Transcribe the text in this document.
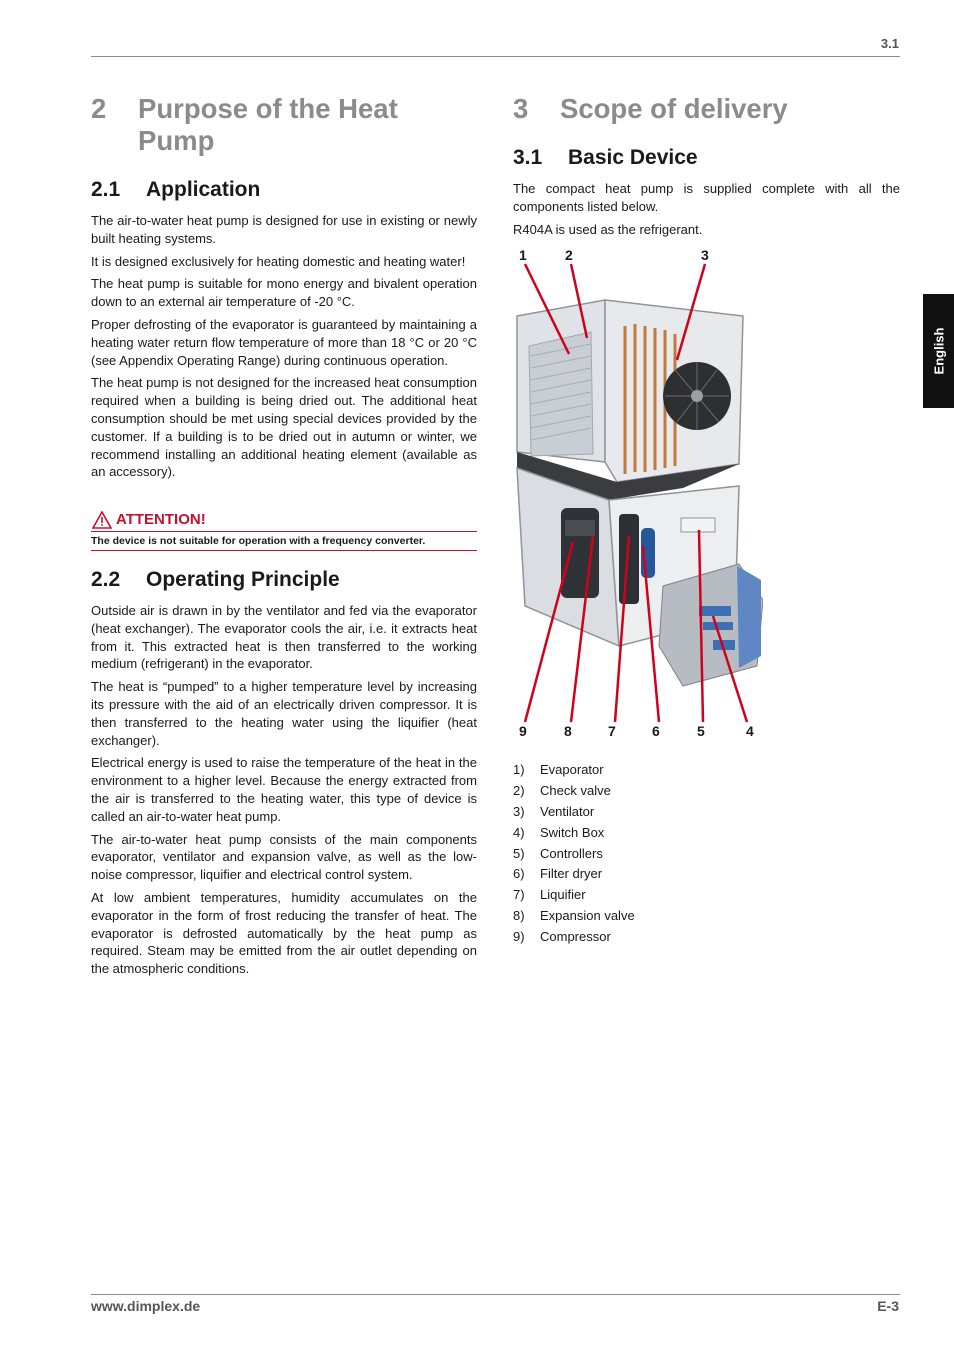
3.1
English
2 Purpose of the Heat Pump
2.1 Application

The air-to-water heat pump is designed for use in existing or newly built heating systems.

It is designed exclusively for heating domestic and heating water!

The heat pump is suitable for mono energy and bivalent operation down to an external air temperature of -20 °C.

Proper defrosting of the evaporator is guaranteed by maintaining a heating water return flow temperature of more than 18 °C or 20 °C (see Appendix Operating Range) during continuous operation.

The heat pump is not designed for the increased heat consumption required when a building is being dried out. The additional heat consumption should be met using special devices provided by the customer. If a building is to be dried out in autumn or winter, we recommend installing an additional heating element (available as an accessory).

ATTENTION!
The device is not suitable for operation with a frequency converter.
2.2 Operating Principle

Outside air is drawn in by the ventilator and fed via the evaporator (heat exchanger). The evaporator cools the air, i.e. it extracts heat from it. This extracted heat is then transferred to the working medium (refrigerant) in the evaporator.

The heat is “pumped” to a higher temperature level by increasing its pressure with the aid of an electrically driven compressor. It is then transferred to the heating water using the liquifier (heat exchanger).

Electrical energy is used to raise the temperature of the heat in the environment to a higher level. Because the energy extracted from the air is transferred to the heating water, this type of device is called an air-to-water heat pump.

The air-to-water heat pump consists of the main components evaporator, ventilator and expansion valve, as well as the low-noise compressor, liquifier and electrical control system.

At low ambient temperatures, humidity accumulates on the evaporator in the form of frost reducing the transfer of heat. The evaporator is defrosted automatically by the heat pump as required. Steam may be emitted from the air outlet depending on the atmospheric conditions.

3 Scope of delivery
3.1 Basic Device

The compact heat pump is supplied complete with all the components listed below.

R404A is used as the refrigerant.

1	2	3
9	8	7	6	5	4
1) Evaporator
2) Check valve
3) Ventilator
4) Switch Box
5) Controllers
6) Filter dryer
7) Liquifier
8) Expansion valve
9) Compressor
www.dimplex.de	E-3
